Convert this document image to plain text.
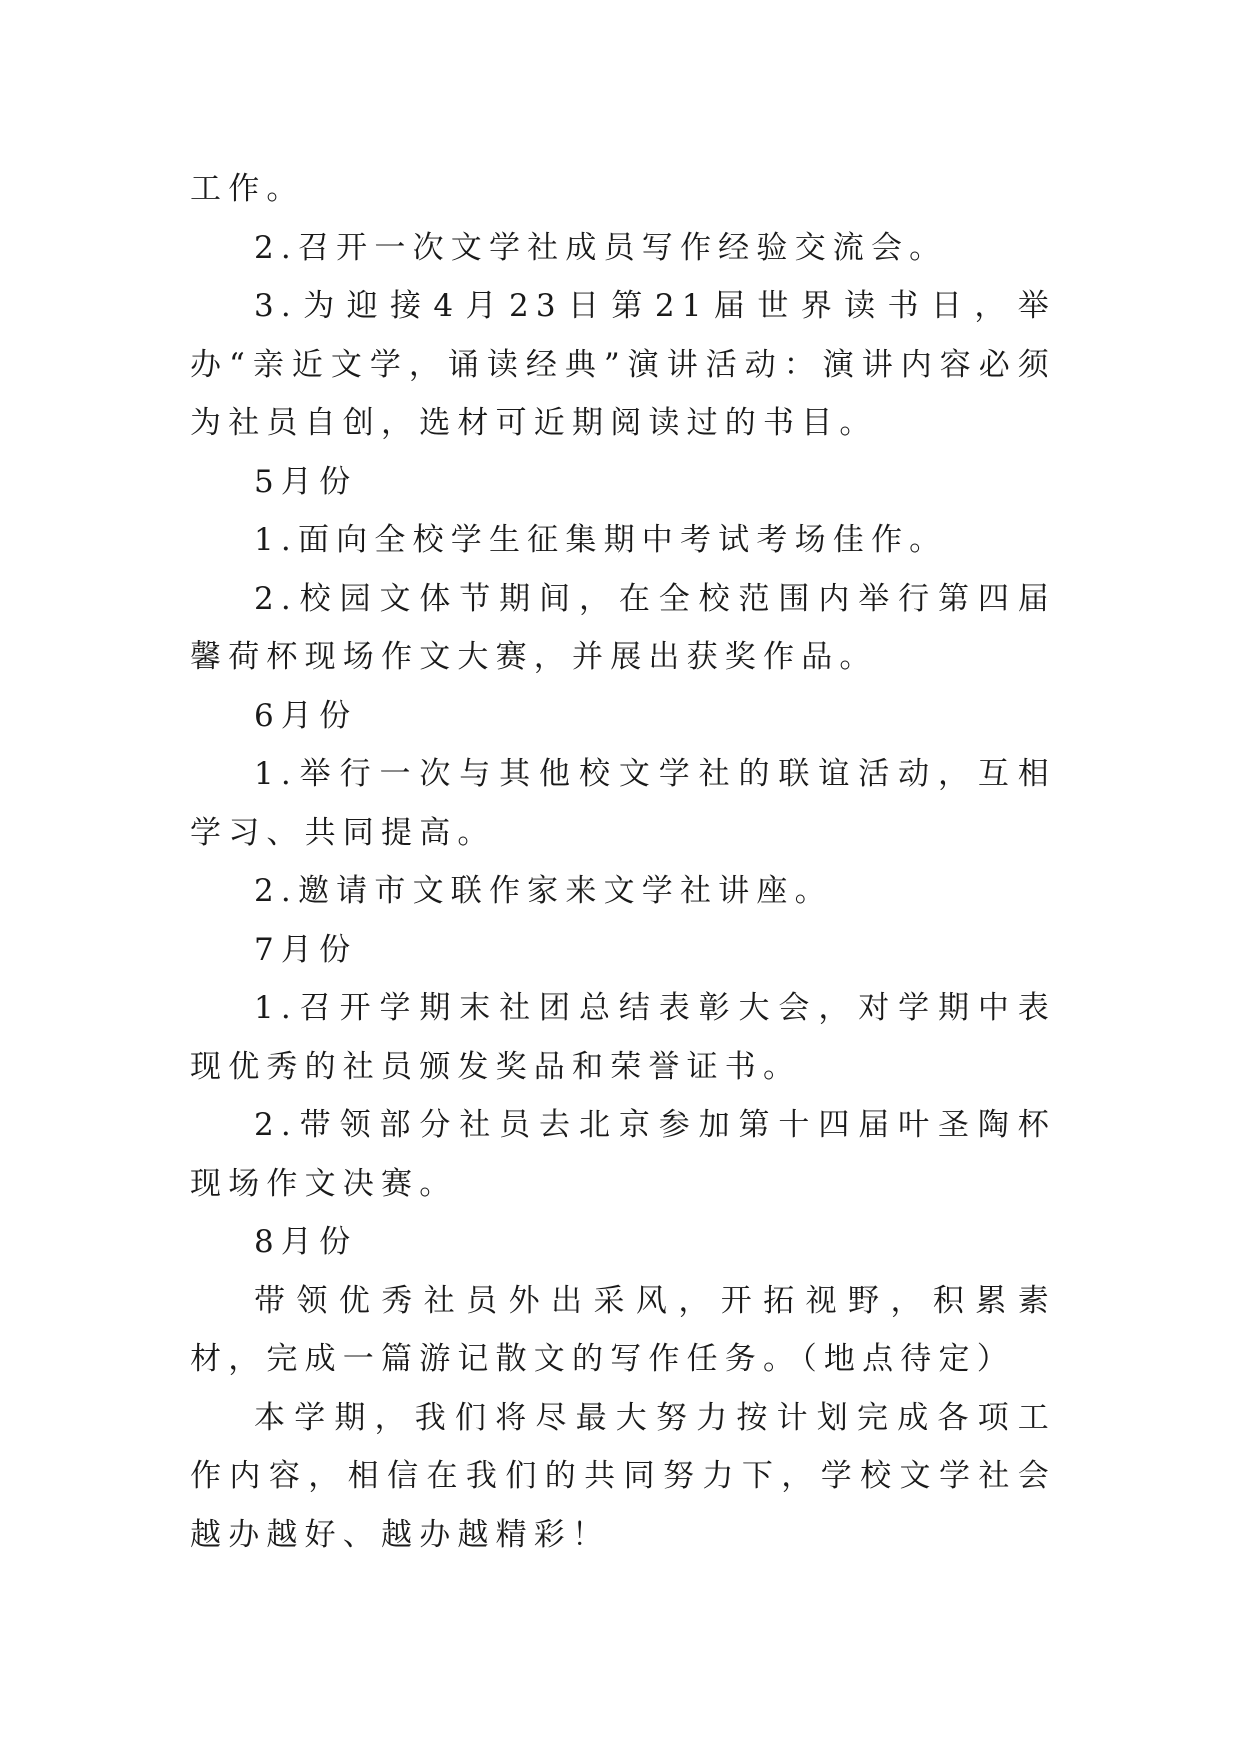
工作。

2.召开一次文学社成员写作经验交流会。

3.为迎接4月23日第21届世界读书日，举办“亲近文学，诵读经典”演讲活动：演讲内容必须为社员自创，选材可近期阅读过的书目。

5月份

1.面向全校学生征集期中考试考场佳作。

2.校园文体节期间，在全校范围内举行第四届馨荷杯现场作文大赛，并展出获奖作品。

6月份

1.举行一次与其他校文学社的联谊活动，互相学习、共同提高。

2.邀请市文联作家来文学社讲座。

7月份

1.召开学期末社团总结表彰大会，对学期中表现优秀的社员颁发奖品和荣誉证书。

2.带领部分社员去北京参加第十四届叶圣陶杯现场作文决赛。

8月份

带领优秀社员外出采风，开拓视野，积累素材，完成一篇游记散文的写作任务。（地点待定）

本学期，我们将尽最大努力按计划完成各项工作内容，相信在我们的共同努力下，学校文学社会越办越好、越办越精彩！
